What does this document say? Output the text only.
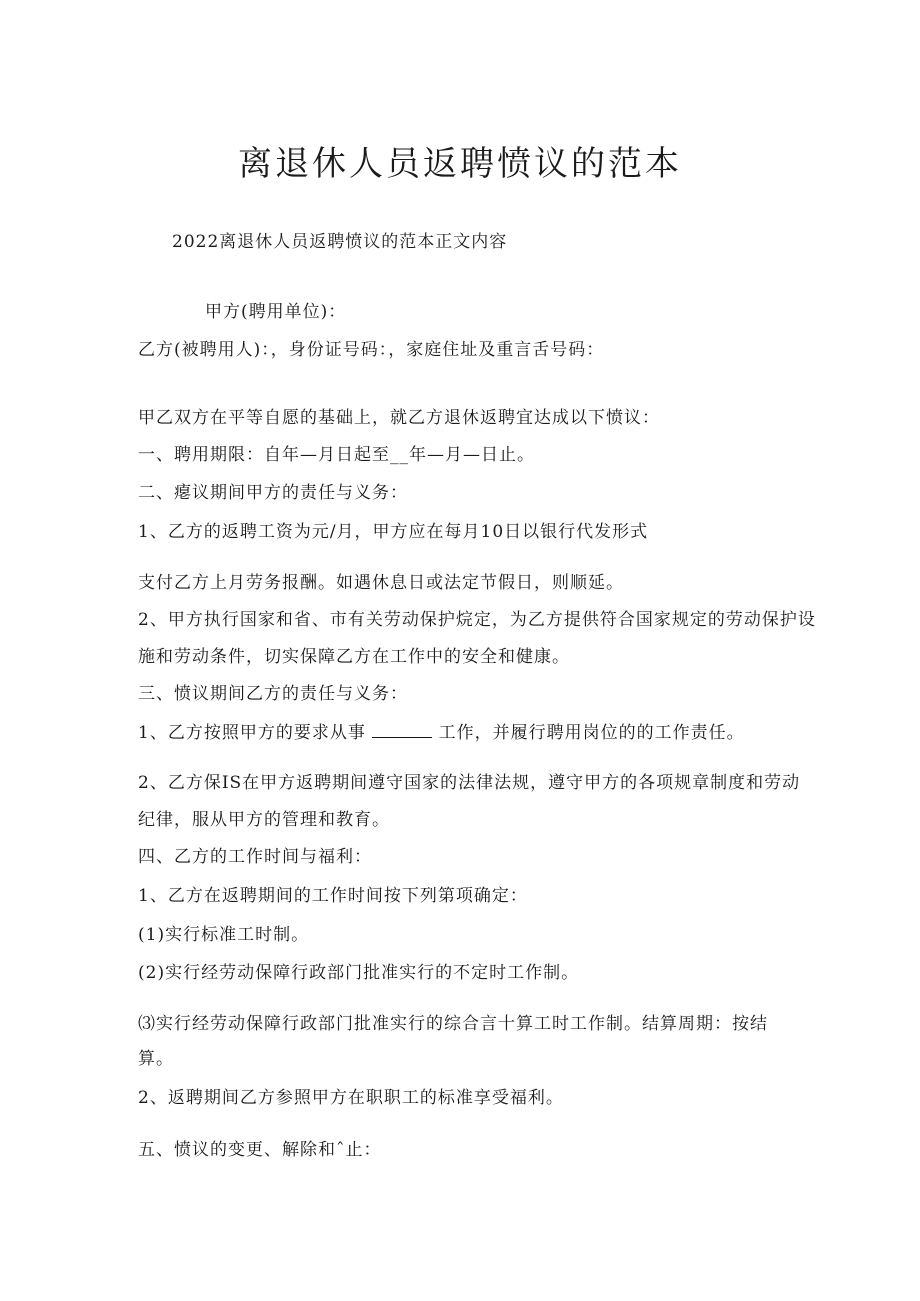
离退休人员返聘愤议的范本
2022离退休人员返聘愤议的范本正文内容
甲方(聘用单位)：
乙方(被聘用人)：，身份证号码：，家庭住址及重言舌号码：
甲乙双方在平等自愿的基础上，就乙方退休返聘宜达成以下愤议：
一、聘用期限：自年—月日起至__年—月—日止。
二、瘪议期间甲方的责任与义务：
1、乙方的返聘工资为元/月，甲方应在每月10日以银行代发形式
支付乙方上月劳务报酬。如遇休息日或法定节假日，则顺延。
2、甲方执行国家和省、市有关劳动保护烷定，为乙方提供符合国家规定的劳动保护设
施和劳动条件，切实保障乙方在工作中的安全和健康。
三、愤议期间乙方的责任与义务：
1、乙方按照甲方的要求从事	工作，并履行聘用岗位的的工作责任。
2、乙方保IS在甲方返聘期间遵守国家的法律法规，遵守甲方的各项规章制度和劳动
纪律，服从甲方的管理和教育。
四、乙方的工作时间与福利：
1、乙方在返聘期间的工作时间按下列第项确定：
(1)实行标准工时制。
(2)实行经劳动保障行政部门批准实行的不定时工作制。
⑶实行经劳动保障行政部门批准实行的综合言十算工时工作制。结算周期：按 结
算。
2、返聘期间乙方参照甲方在职职工的标准享受福利。
五、愤议的变更、解除和ˆ止：
